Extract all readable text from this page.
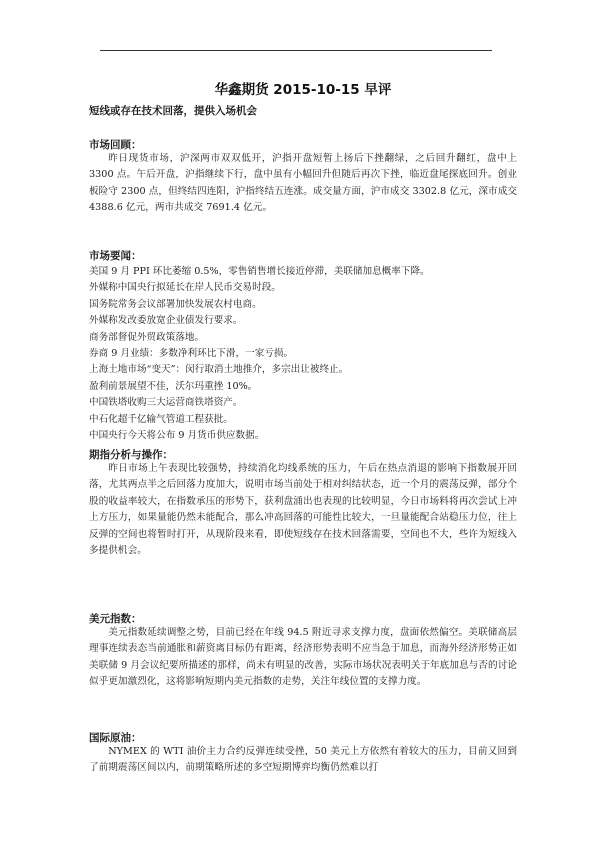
华鑫期货 2015-10-15 早评
短线或存在技术回落，提供入场机会
市场回顾：

昨日现货市场，沪深两市双双低开，沪指开盘短暂上扬后下挫翻绿，之后回升翻红，盘中上 3300 点。午后开盘，沪指继续下行，盘中虽有小幅回升但随后再次下挫，临近盘尾探底回升。创业板险守 2300 点，但终结四连阳，沪指终结五连涨。成交量方面，沪市成交 3302.8 亿元，深市成交 4388.6 亿元，两市共成交 7691.4 亿元。

市场要闻：
美国 9 月 PPI 环比萎缩 0.5%，零售销售增长接近停滞，美联储加息概率下降。
外媒称中国央行拟延长在岸人民币交易时段。
国务院常务会议部署加快发展农村电商。
外媒称发改委放宽企业债发行要求。
商务部督促外贸政策落地。
券商 9 月业绩：多数净利环比下滑，一家亏损。
上海土地市场“变天”：闵行取消土地推介，多宗出让被终止。
盈利前景展望不佳，沃尔玛重挫 10%。
中国铁塔收购三大运营商铁塔资产。
中石化超千亿输气管道工程获批。
中国央行今天将公布 9 月货币供应数据。
期指分析与操作：

昨日市场上午表现比较强势，持续消化均线系统的压力，午后在热点消退的影响下指数展开回落，尤其两点半之后回落力度加大，说明市场当前处于相对纠结状态，近一个月的震荡反弹，部分个股的收益率较大，在指数承压的形势下，获利盘涌出也表现的比较明显，今日市场料将再次尝试上冲上方压力，如果量能仍然未能配合，那么冲高回落的可能性比较大，一旦量能配合站稳压力位，往上反弹的空间也将暂时打开，从现阶段来看，即使短线存在技术回落需要，空间也不大，些许为短线入多提供机会。

美元指数：

美元指数延续调整之势，目前已经在年线 94.5 附近寻求支撑力度，盘面依然偏空。美联储高层理事连续表态当前通胀和薪资离目标仍有距离，经济形势表明不应当急于加息，而海外经济形势正如美联储 9 月会议纪要所描述的那样，尚未有明显的改善，实际市场状况表明关于年底加息与否的讨论似乎更加激烈化，这将影响短期内美元指数的走势，关注年线位置的支撑力度。

国际原油：

NYMEX 的 WTI 油价主力合约反弹连续受挫，50 美元上方依然有着较大的压力，目前又回到了前期震荡区间以内，前期策略所述的多空短期博弈均衡仍然难以打
